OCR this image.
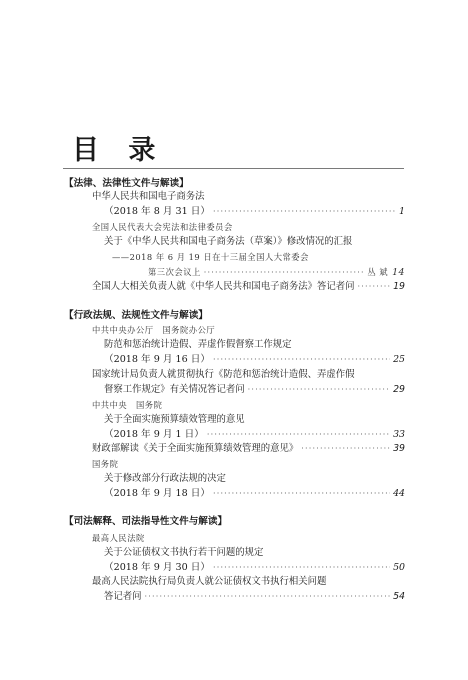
目 录
【法律、法律性文件与解读】
中华人民共和国电子商务法
（2018 年 8 月 31 日） ·····	1
全国人民代表大会宪法和法律委员会
关于《中华人民共和国电子商务法（草案）》修改情况的汇报
——2018 年 6 月 19 日在十三届全国人大常委会
第三次会议上 ·····	丛 斌 14
全国人大相关负责人就《中华人民共和国电子商务法》答记者问 ·····	19
【行政法规、法规性文件与解读】
中共中央办公厅　国务院办公厅
防范和惩治统计造假、弄虚作假督察工作规定
（2018 年 9 月 16 日） ·····	25
国家统计局负责人就贯彻执行《防范和惩治统计造假、弄虚作假
督察工作规定》有关情况答记者问 ·····	29
中共中央　国务院
关于全面实施预算绩效管理的意见
（2018 年 9 月 1 日） ·····	33
财政部解读《关于全面实施预算绩效管理的意见》 ·····	39
国务院
关于修改部分行政法规的决定
（2018 年 9 月 18 日） ·····	44
【司法解释、司法指导性文件与解读】
最高人民法院
关于公证债权文书执行若干问题的规定
（2018 年 9 月 30 日） ·····	50
最高人民法院执行局负责人就公证债权文书执行相关问题
答记者问 ·····	54
